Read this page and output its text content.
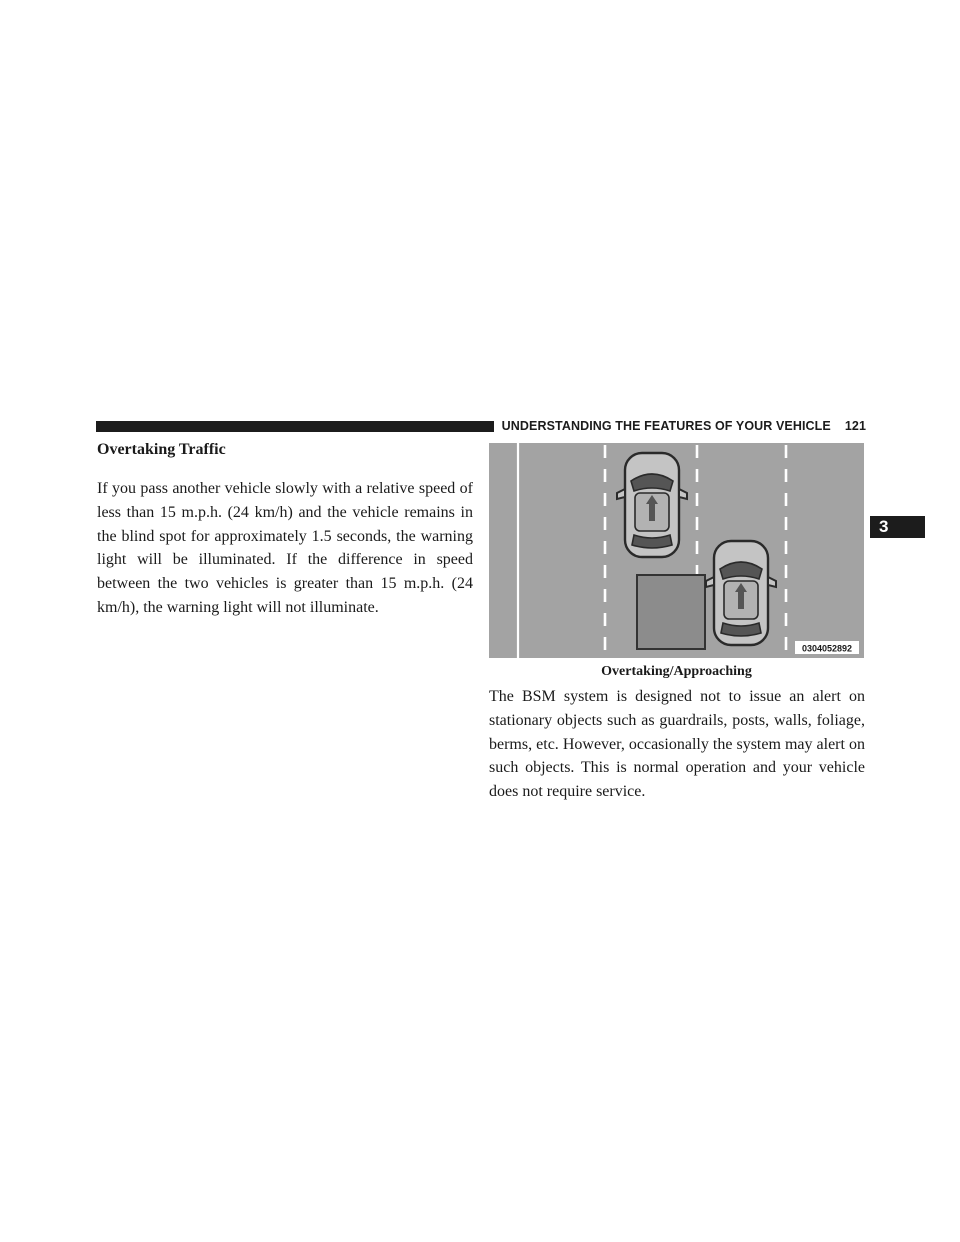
UNDERSTANDING THE FEATURES OF YOUR VEHICLE 121
3
Overtaking Traffic

If you pass another vehicle slowly with a relative speed of less than 15 m.p.h. (24 km/h) and the vehicle remains in the blind spot for approximately 1.5 seconds, the warning light will be illuminated. If the difference in speed between the two vehicles is greater than 15 m.p.h. (24 km/h), the warning light will not illuminate.

0304052892

Overtaking/Approaching

The BSM system is designed not to issue an alert on stationary objects such as guardrails, posts, walls, foliage, berms, etc. However, occasionally the system may alert on such objects. This is normal operation and your vehicle does not require service.
